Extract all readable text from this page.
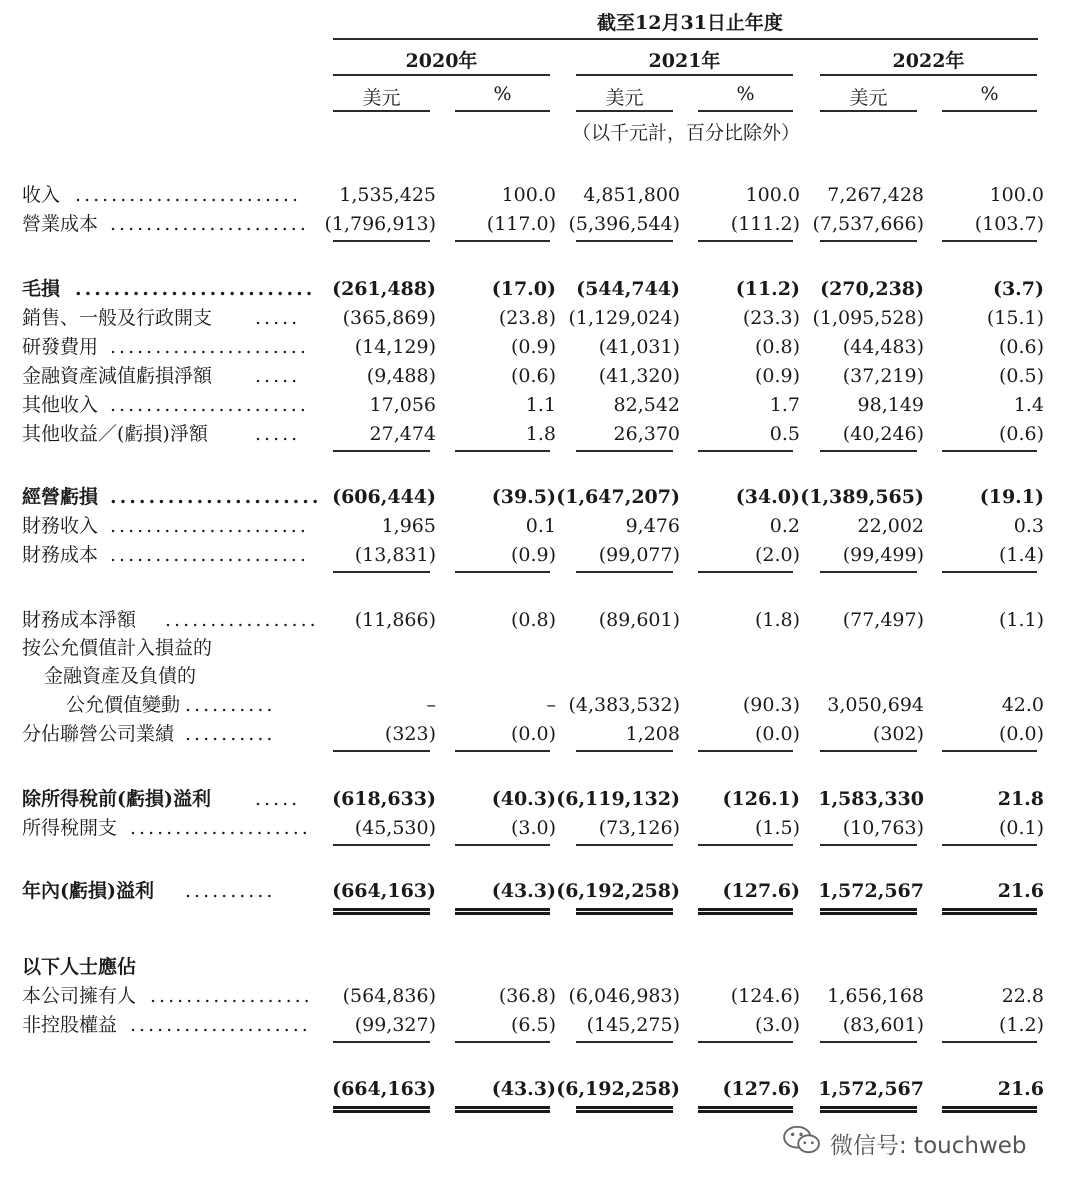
截至12月31日止年度
2020年	2021年	2022年
美元	%	美元	%	美元	%
（以千元計，百分比除外）
收入 .........................	1,535,425	100.0	4,851,800	100.0	7,267,428	100.0
營業成本 ...................... (1,796,913)	(117.0) (5,396,544)	(111.2) (7,537,666)	(103.7)
毛損 ......................... (261,488)	(17.0)	(544,744)	(11.2)	(270,238)	(3.7)
銷售、一般及行政開支 .....	(365,869)	(23.8) (1,129,024)	(23.3) (1,095,528)	(15.1)
研發費用 ......................	(14,129)	(0.9)	(41,031)	(0.8)	(44,483)	(0.6)
金融資產減值虧損淨額 .....	(9,488)	(0.6)	(41,320)	(0.9)	(37,219)	(0.5)
其他收入 ......................	17,056	1.1	82,542	1.7	98,149	1.4
其他收益／(虧損)淨額 .....	27,474	1.8	26,370	0.5	(40,246)	(0.6)
經營虧損 ...................... (606,444)	(39.5) (1,647,207)	(34.0) (1,389,565)	(19.1)
財務收入 ......................	1,965	0.1	9,476	0.2	22,002	0.3
財務成本 ......................	(13,831)	(0.9)	(99,077)	(2.0)	(99,499)	(1.4)
財務成本淨額 .................	(11,866)	(0.8)	(89,601)	(1.8)	(77,497)	(1.1)
按公允價值計入損益的
金融資產及負債的
公允價值變動 ..........	–	– (4,383,532)	(90.3)	3,050,694	42.0
分佔聯營公司業績 ..........	(323)	(0.0)	1,208	(0.0)	(302)	(0.0)
除所得稅前(虧損)溢利 .....	(618,633)	(40.3) (6,119,132)	(126.1) 1,583,330	21.8
所得稅開支 ....................	(45,530)	(3.0)	(73,126)	(1.5)	(10,763)	(0.1)
年內(虧損)溢利 ..........	(664,163)	(43.3) (6,192,258)	(127.6) 1,572,567	21.6
以下人士應佔
本公司擁有人 ..................	(564,836)	(36.8) (6,046,983)	(124.6)	1,656,168	22.8
非控股權益 ....................	(99,327)	(6.5)	(145,275)	(3.0)	(83,601)	(1.2)
(664,163)	(43.3) (6,192,258)	(127.6) 1,572,567	21.6
微信号: touchweb
